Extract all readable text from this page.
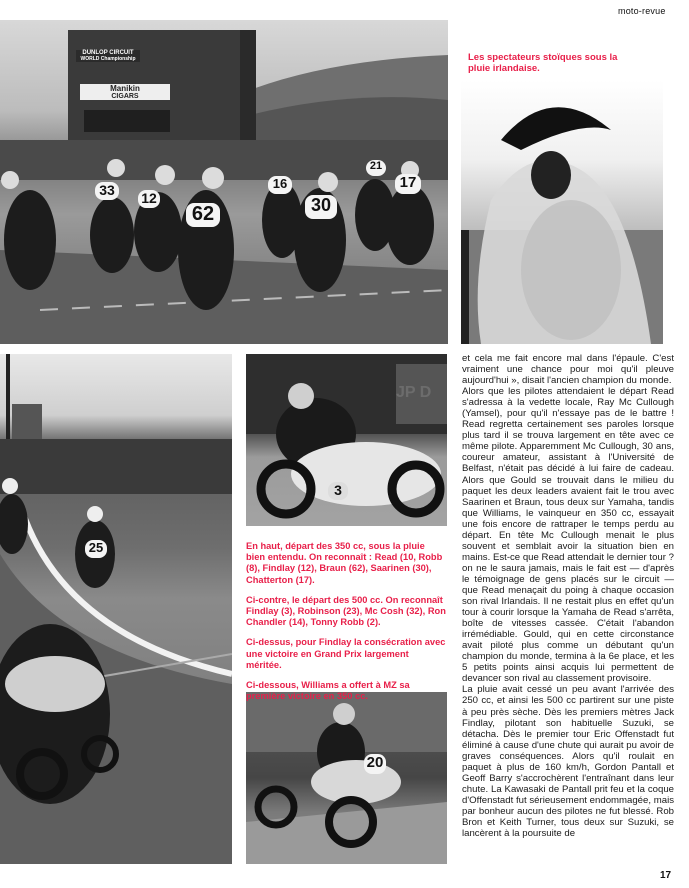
moto-revue
DUNLOP CIRCUIT
WORLD Championship
Manikin
CIGARS
33	12
62
16
30
21
17
Les spectateurs stoïques sous la pluie irlandaise.
25
JP D
3
20

En haut, départ des 350 cc, sous la pluie bien entendu. On reconnaît : Read (10, Robb (8), Findlay (12), Braun (62), Saarinen (30), Chatterton (17).

Ci-contre, le départ des 500 cc. On reconnaît Findlay (3), Robinson (23), Mc Cosh (32), Ron Chandler (14), Tonny Robb (2).

Ci-dessus, pour Findlay la consécration avec une victoire en Grand Prix largement méritée.

Ci-dessous, Williams a offert à MZ sa première victoire en 350 cc.

et cela me fait encore mal dans l'épaule. C'est vraiment une chance pour moi qu'il pleuve aujourd'hui », disait l'ancien champion du monde.

Alors que les pilotes attendaient le départ Read s'adressa à la vedette locale, Ray Mc Cullough (Yamsel), pour qu'il n'essaye pas de le battre ! Read regretta certainement ses paroles lorsque plus tard il se trouva largement en tête avec ce même pilote. Apparemment Mc Cullough, 30 ans, coureur amateur, assistant à l'Université de Belfast, n'était pas décidé à lui faire de cadeau. Alors que Gould se trouvait dans le milieu du paquet les deux leaders avaient fait le trou avec Saarinen et Braun, tous deux sur Yamaha, tandis que Williams, le vainqueur en 350 cc, essayait une fois encore de rattraper le temps perdu au départ. En tête Mc Cullough menait le plus souvent et semblait avoir la situation bien en mains. Est-ce que Read attendait le dernier tour ? on ne le saura jamais, mais le fait est — d'après le témoignage de gens placés sur le circuit — que Read menaçait du poing à chaque occasion son rival Irlandais. Il ne restait plus en effet qu'un tour à courir lorsque la Yamaha de Read s'arrêta, boîte de vitesses cassée. C'était l'abandon irrémédiable. Gould, qui en cette circonstance avait piloté plus comme un débutant qu'un champion du monde, termina à la 6e place, et les 5 petits points ainsi acquis lui permettent de devancer son rival au classement provisoire.

La pluie avait cessé un peu avant l'arrivée des 250 cc, et ainsi les 500 cc partirent sur une piste à peu près sèche. Dès les premiers mètres Jack Findlay, pilotant son habituelle Suzuki, se détacha. Dès le premier tour Eric Offenstadt fut éliminé à cause d'une chute qui aurait pu avoir de graves conséquences. Alors qu'il roulait en paquet à plus de 160 km/h, Gordon Pantall et Geoff Barry s'accrochèrent l'entraînant dans leur chute. La Kawasaki de Pantall prit feu et la coque d'Offenstadt fut sérieusement endommagée, mais par bonheur aucun des pilotes ne fut blessé. Rob Bron et Keith Turner, tous deux sur Suzuki, se lancèrent à la poursuite de

17
